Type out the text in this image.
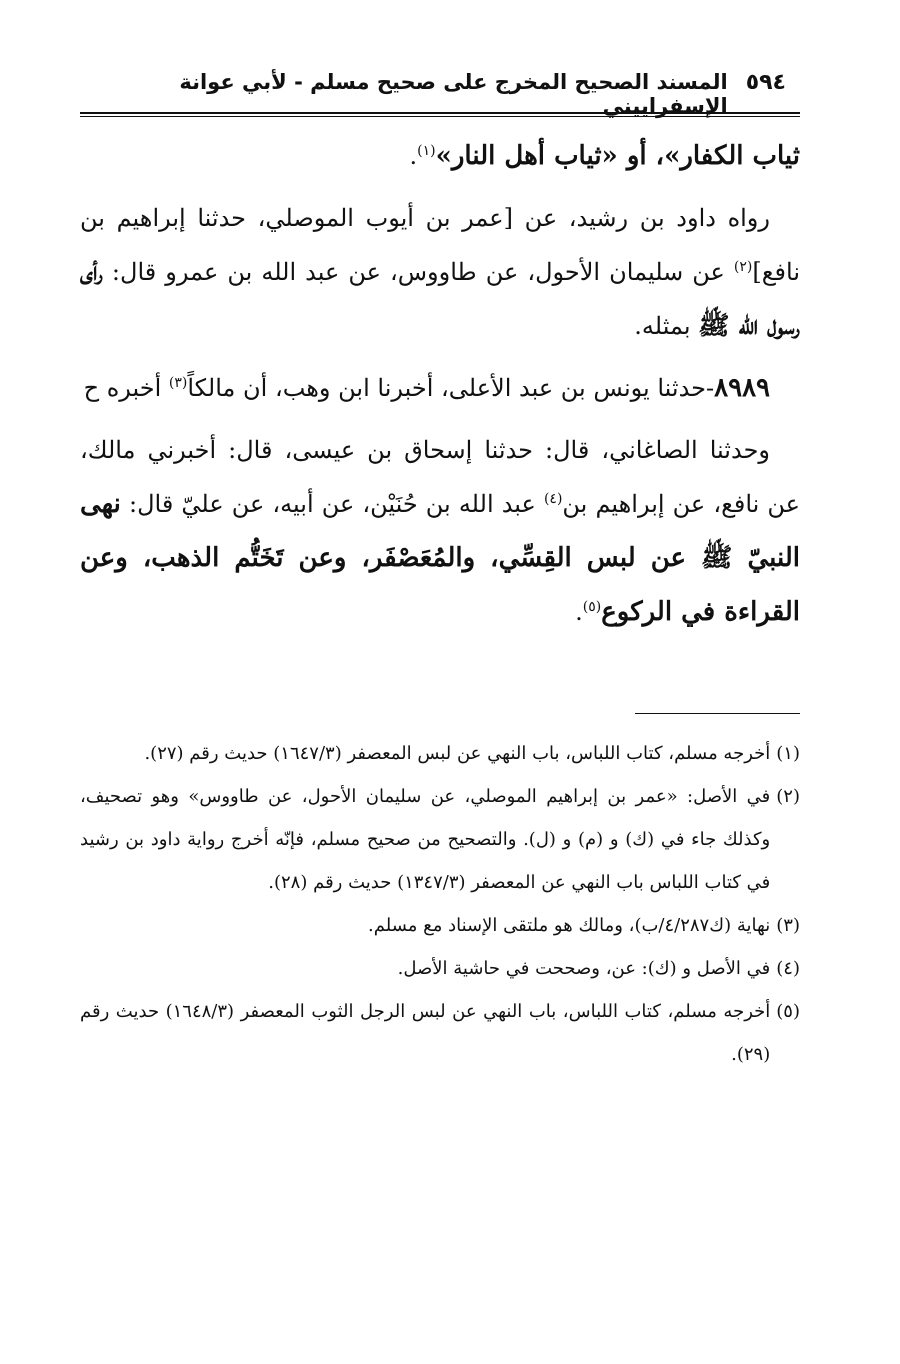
٥٩٤
المسند الصحيح المخرج على صحيح مسلم - لأبي عوانة الإسفراييني

ثياب الكفار»، أو «ثياب أهل النار»$^{(١)}$.

رواه داود بن رشيد، عن [عمر بن أيوب الموصلي، حدثنا إبراهيم بن نافع]$^{(٢)}$ عن سليمان الأحول، عن طاووس، عن عبد الله بن عمرو قال: رأى رسول الله ﷺ بمثله.

٨٩٨٩-حدثنا يونس بن عبد الأعلى، أخبرنا ابن وهب، أن مالكاً$^{(٣)}$ أخبره ح

وحدثنا الصاغاني، قال: حدثنا إسحاق بن عيسى، قال: أخبرني مالك، عن نافع، عن إبراهيم بن$^{(٤)}$ عبد الله بن حُنَيْن، عن أبيه، عن عليّ قال: نهى النبيّ ﷺ عن لبس القِسِّي، والمُعَصْفَر، وعن تَخَتُّم الذهب، وعن القراءة في الركوع$^{(٥)}$.

(١)
أخرجه مسلم، كتاب اللباس، باب النهي عن لبس المعصفر (١٦٤٧/٣) حديث رقم (٢٧).
(٢)
في الأصل: «عمر بن إبراهيم الموصلي، عن سليمان الأحول، عن طاووس» وهو تصحيف، وكذلك جاء في (ك) و (م) و (ل). والتصحيح من صحيح مسلم، فإنّه أخرج رواية داود بن رشيد في كتاب اللباس باب النهي عن المعصفر (١٣٤٧/٣) حديث رقم (٢٨).
(٣)
نهاية (ك٤/٢٨٧/ب)، ومالك هو ملتقى الإسناد مع مسلم.
(٤)
في الأصل و (ك): عن، وصححت في حاشية الأصل.
(٥)
أخرجه مسلم، كتاب اللباس، باب النهي عن لبس الرجل الثوب المعصفر (١٦٤٨/٣) حديث رقم (٢٩).
